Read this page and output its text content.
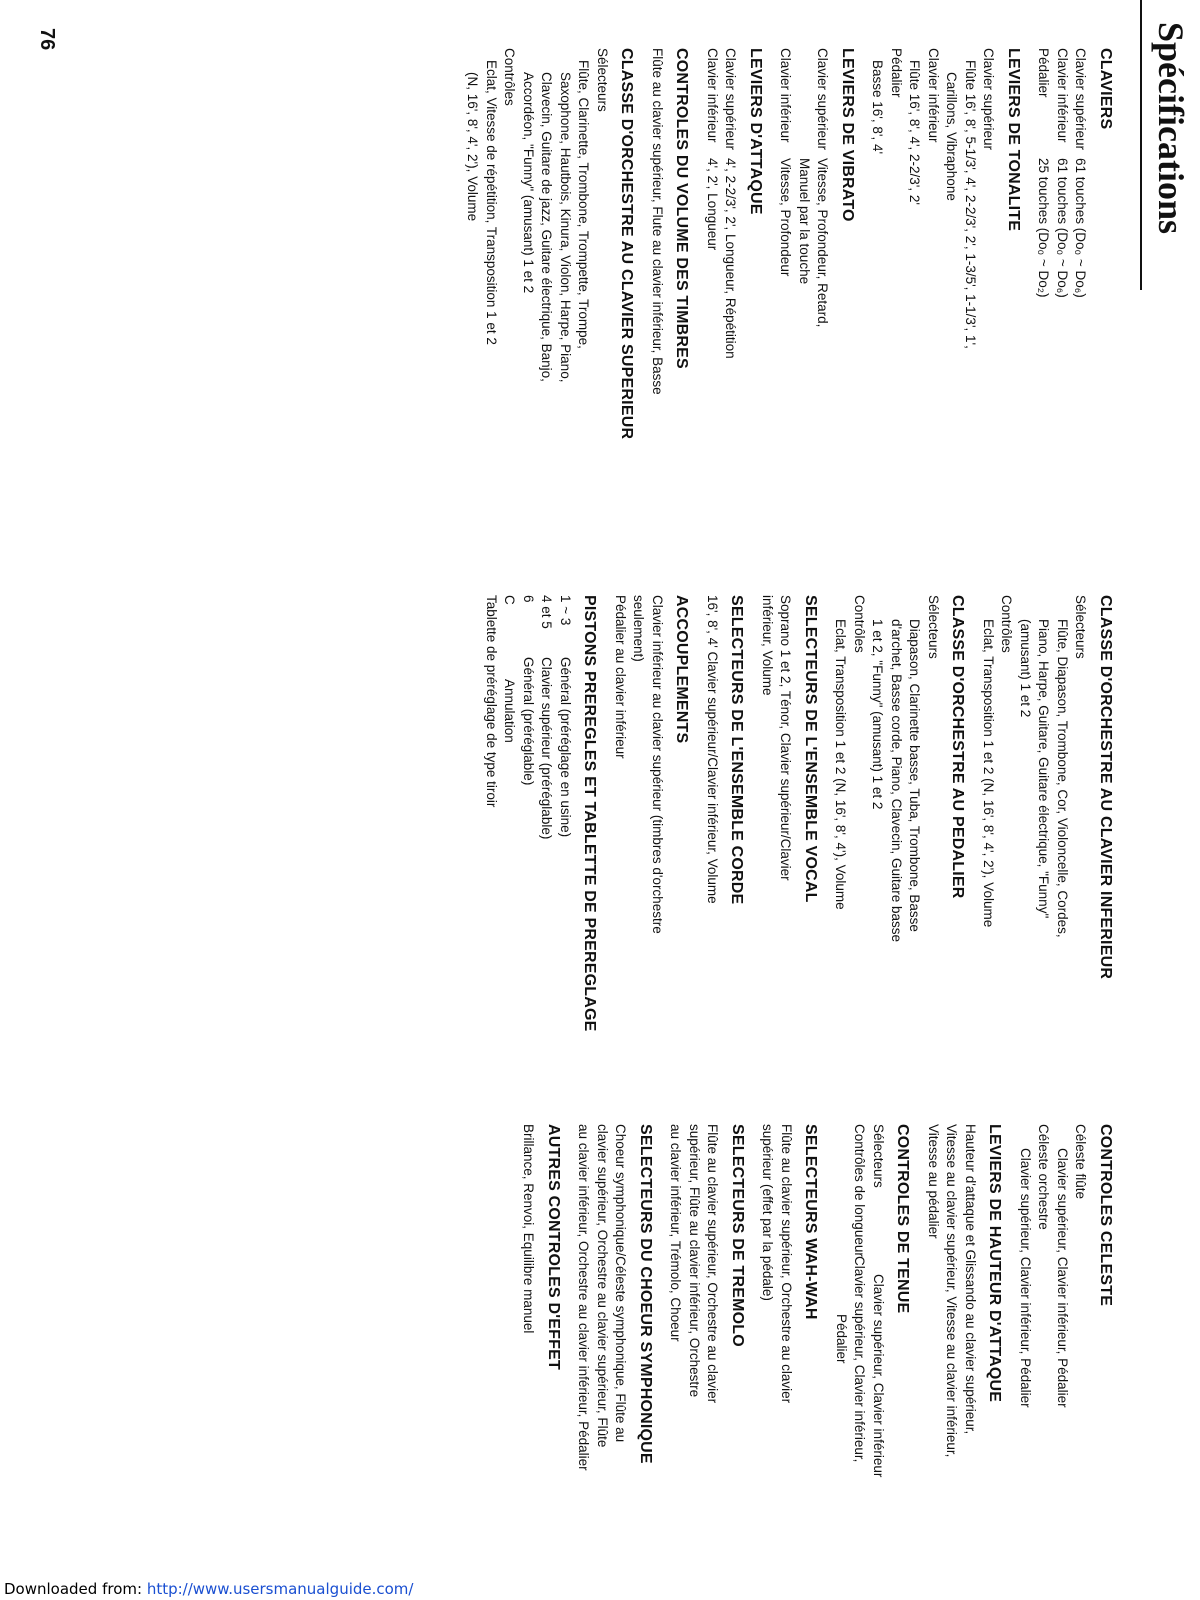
Spécifications
CLAVIERS
Clavier supérieur
61 touches (Do₀ ~ Do₆)
Clavier inférieur
61 touches (Do₀ ~ Do₆)
Pédalier
25 touches (Do₀ ~ Do₂)
LEVIERS DE TONALITE
Clavier supérieur
Flûte 16', 8', 5-1/3', 4', 2-2/3', 2', 1-3/5', 1-1/3', 1',
Carillons, Vibraphone
Clavier inférieur
Flûte 16', 8', 4', 2-2/3', 2'
Pédalier
Basse 16', 8', 4'
LEVIERS DE VIBRATO
Clavier supérieur
Vitesse, Profondeur, Retard,
Manuel par la touche
Clavier inférieur
Vitesse, Profondeur
LEVIERS D'ATTAQUE
Clavier supérieur
4', 2-2/3', 2', Longueur, Répétition
Clavier inférieur
4', 2', Longueur
CONTROLES DU VOLUME DES TIMBRES
Flûte au clavier supérieur, Flute au clavier inférieur, Basse
CLASSE D'ORCHESTRE AU CLAVIER SUPERIEUR
Sélecteurs
Flûte, Clarinette, Trombone, Trompette, Trompe,
Saxophone, Hautbois, Kinura, Violon, Harpe, Piano,
Clavecin, Guitare de jazz, Guitare électrique, Banjo,
Accordéon, "Funny" (amusant) 1 et 2
Contrôles
Eclat, Vitesse de répétition, Transposition 1 et 2
(N, 16', 8', 4', 2'), Volume
CLASSE D'ORCHESTRE AU CLAVIER INFERIEUR
Sélecteurs
Flûte, Diapason, Trombone, Cor, Violoncelle, Cordes,
Piano, Harpe, Guitare, Guitare électrique, "Funny"
(amusant) 1 et 2
Contrôles
Eclat, Transposition 1 et 2 (N, 16', 8', 4', 2'), Volume
CLASSE D'ORCHESTRE AU PEDALIER
Sélecteurs
Diapason, Clarinette basse, Tuba, Trombone, Basse
d'archet, Basse corde, Piano, Clavecin, Guitare basse
1 et 2, "Funny" (amusant) 1 et 2
Contrôles
Eclat, Transposition 1 et 2 (N, 16', 8', 4'), Volume
SELECTEURS DE L'ENSEMBLE VOCAL
Soprano 1 et 2, Ténor, Clavier supérieur/Clavier
inférieur, Volume
SELECTEURS DE L'ENSEMBLE CORDE
16', 8', 4' Clavier supérieur/Clavier inférieur, Volume
ACCOUPLEMENTS
Clavier inférieur au clavier supérieur (timbres d'orchestre
seulement)
Pédalier au clavier inférieur
PISTONS PREREGLES ET TABLETTE DE PREREGLAGE
1 ~ 3
Général (préréglage en usine)
4 et 5
Clavier supérieur (préréglable)
6
Général (préréglable)
C
Annulation
Tablette de préréglage de type tiroir
CONTROLES CELESTE
Céleste flûte
Clavier supérieur, Clavier inférieur, Pédalier
Céleste orchestre
Clavier supérieur, Clavier inférieur, Pédalier
LEVIERS DE HAUTEUR D'ATTAQUE
Hauteur d'attaque et Glissando au clavier supérieur,
Vitesse au clavier supérieur, Vitesse au clavier inférieur,
Vitesse au pédalier
CONTROLES DE TENUE
Sélecteurs
Clavier supérieur, Clavier inférieur
Contrôles de longueur
Clavier supérieur, Clavier inférieur,
Pédalier
SELECTEURS WAH-WAH
Flûte au clavier supérieur, Orchestre au clavier
supérieur (effet par la pédale)
SELECTEURS DE TREMOLO
Flûte au clavier supérieur, Orchestre au clavier
supérieur, Flûte au clavier inférieur, Orchestre
au clavier inférieur, Trémolo, Choeur
SELECTEURS DU CHOEUR SYMPHONIQUE
Choeur symphonique/Céleste symphonique, Flûte au
clavier supérieur, Orchestre au clavier supérieur, Flûte
au clavier inférieur, Orchestre au clavier inférieur, Pédalier
AUTRES CONTROLES D'EFFET
Brillance, Renvoi, Equilibre manuel
76
Downloaded from: http://www.usersmanualguide.com/
